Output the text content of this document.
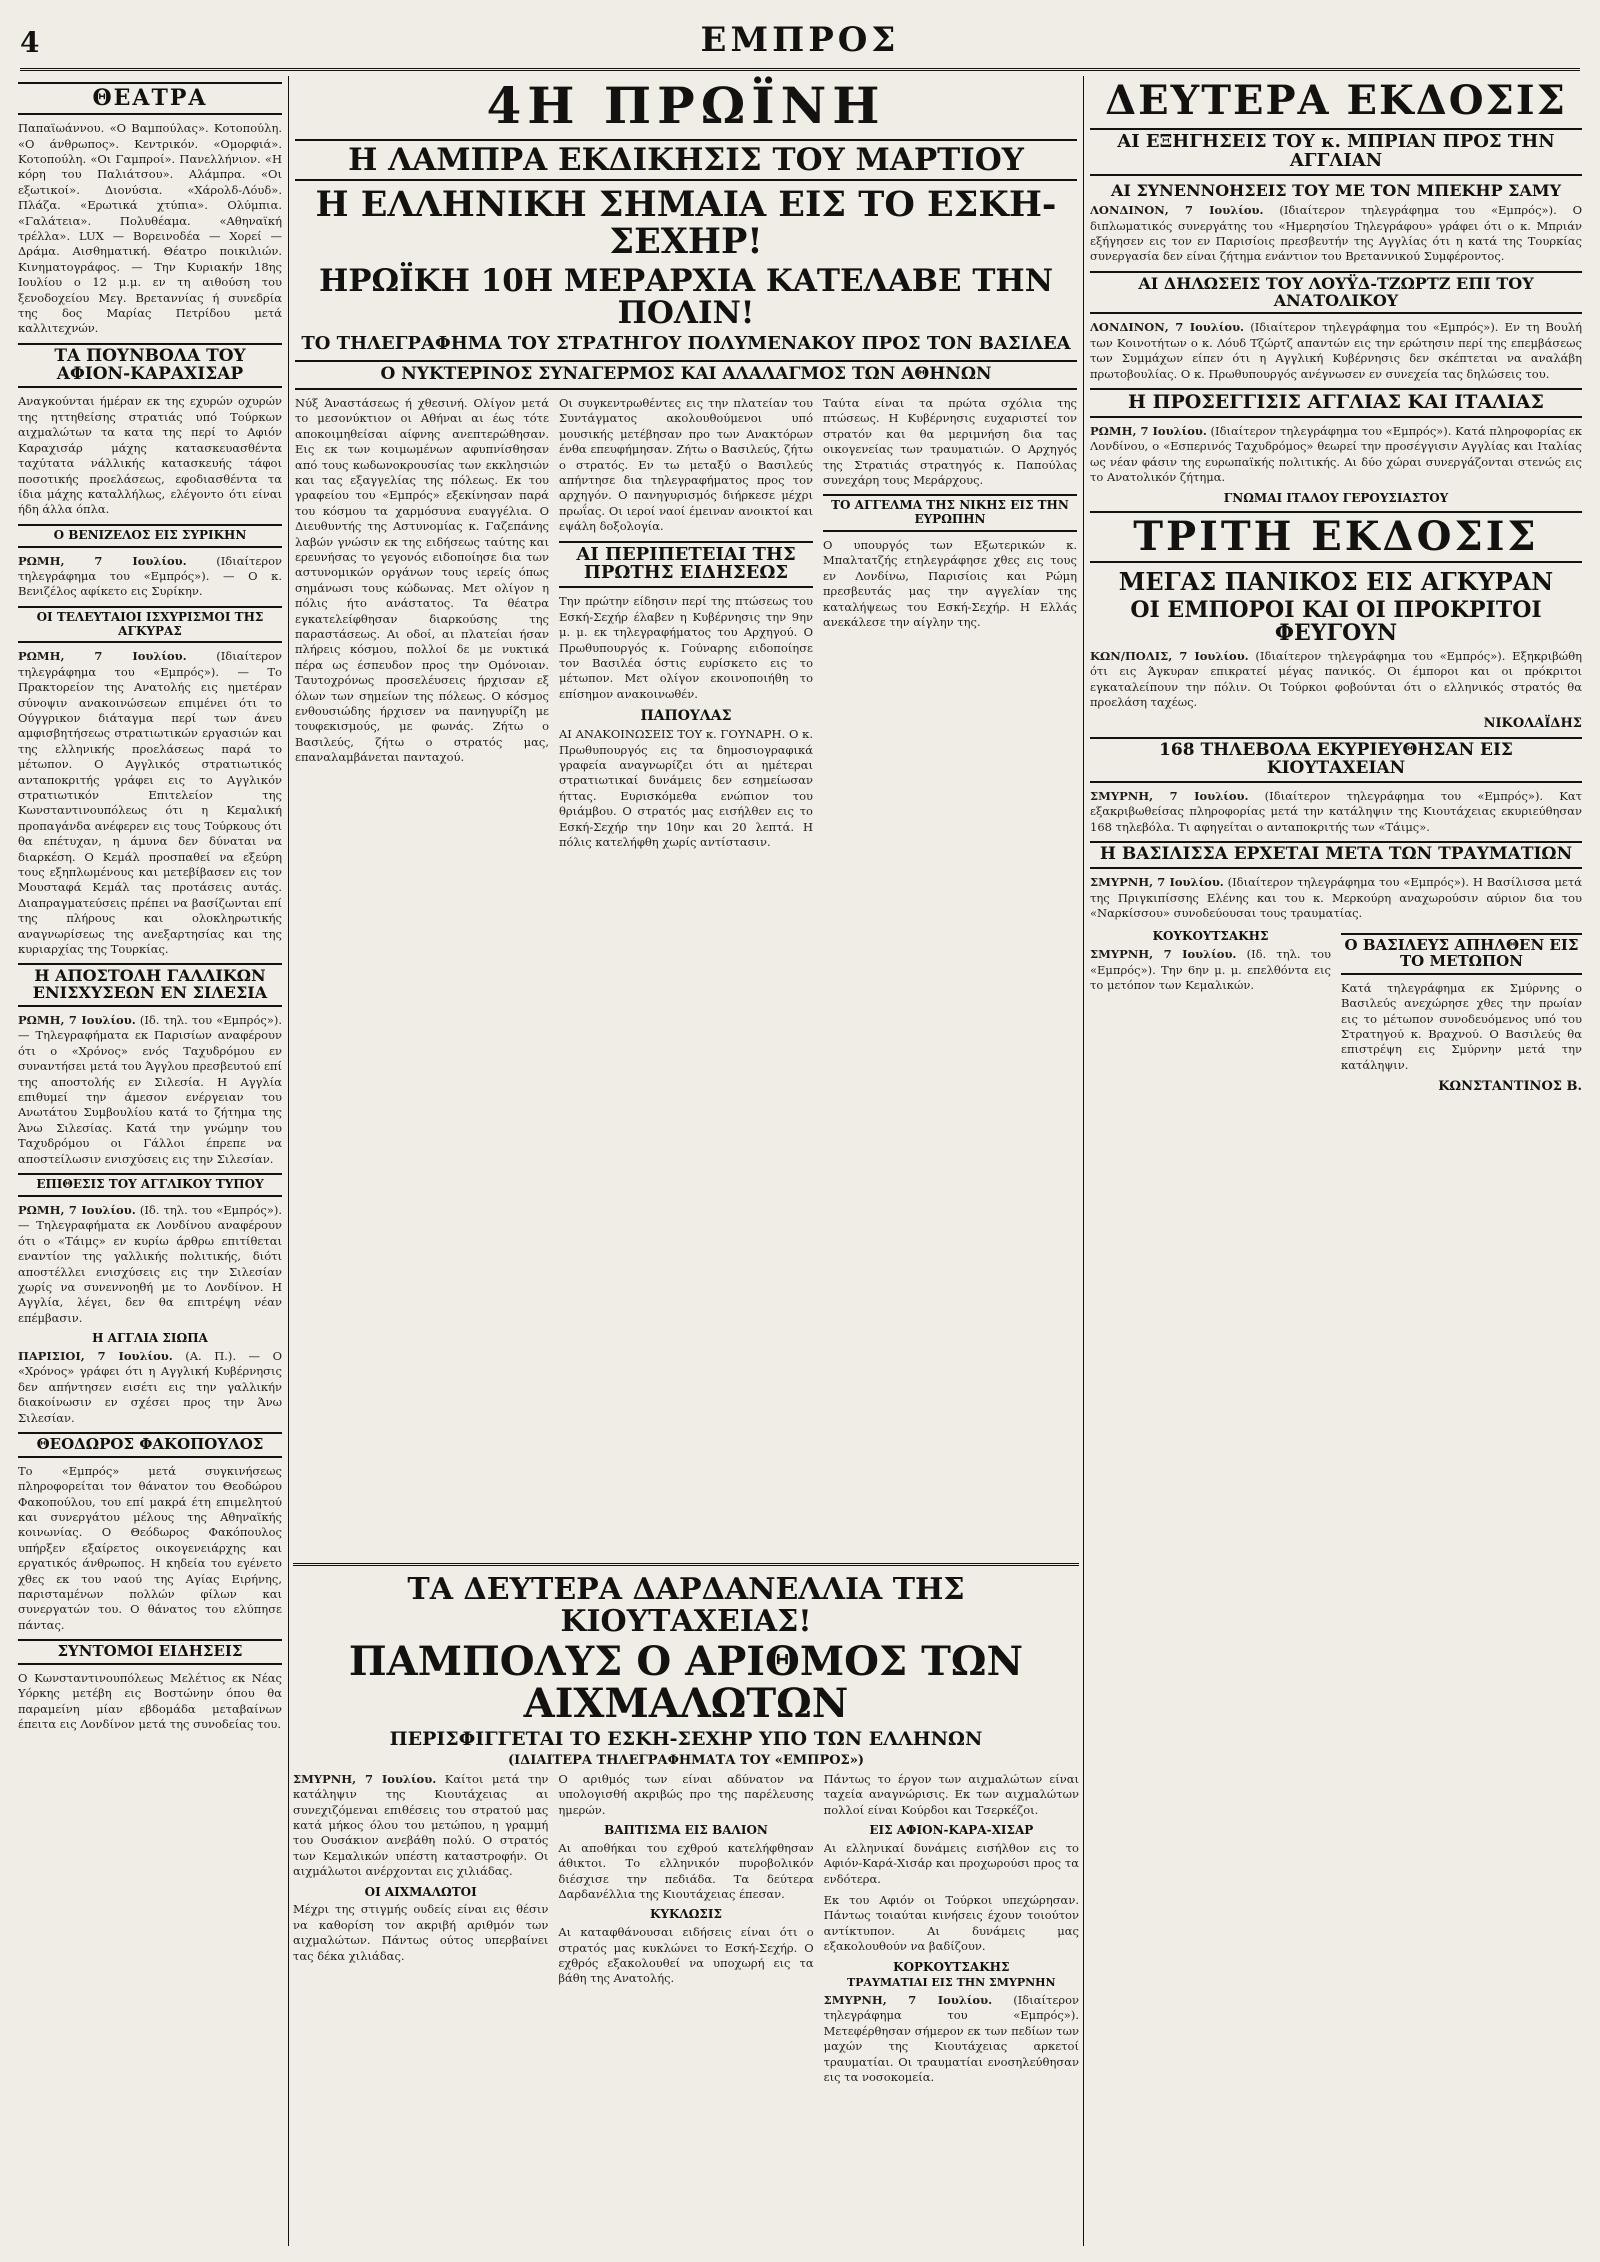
4	ΕΜΠΡΟΣ
ΘΕΑΤΡΑ

Παπαϊωάννου. «Ο Βαμπούλας». Κοτοπούλη. «Ο άνθρωπος». Κεντρικόν. «Ομορφιά». Κοτοπούλη. «Οι Γαμπροί». Πανελλήνιον. «Η κόρη του Παλιάτσου». Αλάμπρα. «Οι εξωτικοί». Διονύσια. «Χάρολδ-Λόυδ». Πλάζα. «Ερωτικά χτύπια». Ολύμπια. «Γαλάτεια». Πολυθέαμα. «Αθηναϊκή τρέλλα». LUX — Βορεινοδέα — Χορεί — Δράμα. Αισθηματική. Θέατρο ποικιλιών. Κινηματογράφος. — Την Κυριακήν 18ης Ιουλίου ο 12 μ.μ. εν τη αιθούση του ξενοδοχείου Μεγ. Βρεταννίας ή συνεδρία της δος Μαρίας Πετρίδου μετά καλλιτεχνών.

ΤΑ ΠΟΥΝΒΟΛΑ ΤΟΥ ΑΦΙΟΝ-ΚΑΡΑΧΙΣΑΡ

Αναγκούνται ήμέραν εκ της εχυρών οχυρών της ηττηθείσης στρατιάς υπό Τούρκων αιχμαλώτων τα κατα της περί το Αφιόν Καραχισάρ μάχης κατασκευασθέντα ταχύτατα νάλλικής κατασκευής τάφοι ποσοτικής προελάσεως, εφοδιασθέντα τα ίδια μάχης καταλλήλως, ελέγοντο ότι είναι ήδη άλλα όπλα.

Ο ΒΕΝΙΖΕΛΟΣ ΕΙΣ ΣΥΡΙΚΗΝ

ΡΩΜΗ, 7 Ιουλίου.	(Ιδιαίτερον τηλεγράφημα του «Εμπρός»). — Ο κ. Βενιζέλος αφίκετο εις Συρίκην.

ΟΙ ΤΕΛΕΥΤΑΙΟΙ ΙΣΧΥΡΙΣΜΟΙ ΤΗΣ ΑΓΚΥΡΑΣ

ΡΩΜΗ, 7 Ιουλίου.	(Ιδιαίτερον τηλεγράφημα του «Εμπρός»). — Το Πρακτορείον της Ανατολής εις ημετέραν σύνοψιν ανακοινώσεων επιμένει ότι το Ούγγρικον διάταγμα περί των άνευ αμφισβητήσεως στρατιωτικών εργασιών και της ελληνικής προελάσεως παρά το μέτωπον. Ο Αγγλικός στρατιωτικός ανταποκριτής γράφει εις το Αγγλικόν στρατιωτικόν Επιτελείον της Κωνσταντινουπόλεως ότι η Κεμαλική προπαγάνδα ανέφερεν εις τους Τούρκους ότι θα επέτυχαν, η άμυνα δεν δύναται να διαρκέση. Ο Κεμάλ προσπαθεί να εξεύρη τους εξηπλωμένους και μετεβίβασεν εις τον Μουσταφά Κεμάλ τας προτάσεις αυτάς. Διαπραγματεύσεις πρέπει να βασίζωνται επί της πλήρους και ολοκληρωτικής αναγνωρίσεως της ανεξαρτησίας και της κυριαρχίας της Τουρκίας.

Η ΑΠΟΣΤΟΛΗ ΓΑΛΛΙΚΩΝ ΕΝΙΣΧΥΣΕΩΝ ΕΝ ΣΙΛΕΣΙΑ

ΡΩΜΗ, 7 Ιουλίου. (Ιδ. τηλ. του «Εμπρός»). — Τηλεγραφήματα εκ Παρισίων αναφέρουν ότι ο «Χρόνος» ενός Ταχυδρόμου εν συναντήσει μετά του Άγγλου πρεσβευτού επί της αποστολής εν Σιλεσία. Η Αγγλία επιθυμεί την άμεσον ενέργειαν του Ανωτάτου Συμβουλίου κατά το ζήτημα της Άνω Σιλεσίας. Κατά την γνώμην του Ταχυδρόμου οι Γάλλοι έπρεπε να αποστείλωσιν ενισχύσεις εις την Σιλεσίαν.

ΕΠΙΘΕΣΙΣ ΤΟΥ ΑΓΓΛΙΚΟΥ ΤΥΠΟΥ

ΡΩΜΗ, 7 Ιουλίου. (Ιδ. τηλ. του «Εμπρός»). — Τηλεγραφήματα εκ Λονδίνου αναφέρουν ότι ο «Τάιμς» εν κυρίω άρθρω επιτίθεται εναντίον της γαλλικής πολιτικής, διότι αποστέλλει ενισχύσεις εις την Σιλεσίαν χωρίς να συνεννοηθή με το Λονδίνον. Η Αγγλία, λέγει, δεν θα επιτρέψη νέαν επέμβασιν.

Η ΑΓΓΛΙΑ ΣΙΩΠΑ

ΠΑΡΙΣΙΟΙ, 7 Ιουλίου. (Α. Π.). — Ο «Χρόνος» γράφει ότι η Αγγλική Κυβέρνησις δεν απήντησεν εισέτι εις την γαλλικήν διακοίνωσιν εν σχέσει προς την Άνω Σιλεσίαν.

ΘΕΟΔΩΡΟΣ ΦΑΚΟΠΟΥΛΟΣ

Το «Εμπρός» μετά συγκινήσεως πληροφορείται τον θάνατον του Θεοδώρου Φακοπούλου, του επί μακρά έτη επιμελητού και συνεργάτου μέλους της Αθηναϊκής κοινωνίας. Ο Θεόδωρος Φακόπουλος υπήρξεν εξαίρετος οικογενειάρχης και εργατικός άνθρωπος. Η κηδεία του εγένετο χθες εκ του ναού της Αγίας Ειρήνης, παρισταμένων πολλών φίλων και συνεργατών του. Ο θάνατος του ελύπησε πάντας.

ΣΥΝΤΟΜΟΙ ΕΙΔΗΣΕΙΣ

Ο Κωνσταντινουπόλεως Μελέτιος εκ Νέας Υόρκης μετέβη εις Βοστώνην όπου θα παραμείνη μίαν εβδομάδα μεταβαίνων έπειτα εις Λονδίνον μετά της συνοδείας του.

4Η ΠΡΩΪΝΗ
Η ΛΑΜΠΡΑ ΕΚΔΙΚΗΣΙΣ ΤΟΥ ΜΑΡΤΙΟΥ
Η ΕΛΛΗΝΙΚΗ ΣΗΜΑΙΑ ΕΙΣ ΤΟ ΕΣΚΗ-ΣΕΧΗΡ!
ΗΡΩΪΚΗ 10Η ΜΕΡΑΡΧΙΑ ΚΑΤΕΛΑΒΕ ΤΗΝ ΠΟΛΙΝ!
ΤΟ ΤΗΛΕΓΡΑΦΗΜΑ ΤΟΥ ΣΤΡΑΤΗΓΟΥ ΠΟΛΥΜΕΝΑΚΟΥ ΠΡΟΣ ΤΟΝ ΒΑΣΙΛΕΑ
Ο ΝΥΚΤΕΡΙΝΟΣ ΣΥΝΑΓΕΡΜΟΣ ΚΑΙ ΑΛΑΛΑΓΜΟΣ ΤΩΝ ΑΘΗΝΩΝ

Νύξ Άναστάσεως ή χθεσινή. Ολίγον μετά το μεσονύκτιον οι Αθήναι αι έως τότε αποκοιμηθείσαι αίφνης ανεπτερώθησαν. Εις εκ των κοιμωμένων αφυπνίσθησαν από τους κωδωνοκρουσίας των εκκλησιών και τας εξαγγελίας της πόλεως. Εκ του γραφείου του «Εμπρός» εξεκίνησαν παρά του κόσμου τα χαρμόσυνα ευαγγέλια. Ο Διευθυντής της Αστυνομίας κ. Γαζεπάνης λαβών γνώσιν εκ της ειδήσεως ταύτης και ερευνήσας το γεγονός ειδοποίησε δια των αστυνομικών οργάνων τους ιερείς όπως σημάνωσι τους κώδωνας. Μετ ολίγον η πόλις ήτο ανάστατος. Τα θέατρα εγκατελείφθησαν διαρκούσης της παραστάσεως. Αι οδοί, αι πλατείαι ήσαν πλήρεις κόσμου, πολλοί δε με νυκτικά πέρα ως έσπευδον προς την Ομόνοιαν. Ταυτοχρόνως προσελέυσεις ήρχισαν εξ όλων των σημείων της πόλεως. Ο κόσμος ενθουσιώδης ήρχισεν να πανηγυρίζη με τουφεκισμούς, με φωνάς. Ζήτω ο Βασιλεύς, ζήτω ο στρατός μας, επαναλαμβάνεται πανταχού.

Οι συγκεντρωθέντες εις την πλατείαν του Συντάγματος ακολουθούμενοι υπό μουσικής μετέβησαν προ των Ανακτόρων ένθα επευφήμησαν. Ζήτω ο Βασιλεύς, ζήτω ο στρατός. Εν τω μεταξύ ο Βασιλεύς απήντησε δια τηλεγραφήματος προς τον αρχηγόν. Ο πανηγυρισμός διήρκεσε μέχρι πρωΐας. Οι ιεροί ναοί έμειναν ανοικτοί και εψάλη δοξολογία.

ΑΙ ΠΕΡΙΠΕΤΕΙΑΙ ΤΗΣ ΠΡΩΤΗΣ ΕΙΔΗΣΕΩΣ

Την πρώτην είδησιν περί της πτώσεως του Εσκή-Σεχήρ έλαβεν η Κυβέρνησις την 9ην μ. μ. εκ τηλεγραφήματος του Αρχηγού. Ο Πρωθυπουργός κ. Γούναρης ειδοποίησε τον Βασιλέα όστις ευρίσκετο εις το μέτωπον. Μετ ολίγον εκοινοποιήθη το επίσημον ανακοινωθέν.

ΠΑΠΟΥΛΑΣ

ΑΙ ΑΝΑΚΟΙΝΩΣΕΙΣ ΤΟΥ κ. ΓΟΥΝΑΡΗ. Ο κ. Πρωθυπουργός εις τα δημοσιογραφικά γραφεία αναγνωρίζει ότι αι ημέτεραι στρατιωτικαί δυνάμεις δεν εσημείωσαν ήττας. Ευρισκόμεθα ενώπιον του θριάμβου. Ο στρατός μας εισήλθεν εις το Εσκή-Σεχήρ την 10ην και 20 λεπτά. Η πόλις κατελήφθη χωρίς αντίστασιν.

Ταύτα είναι τα πρώτα σχόλια της πτώσεως. Η Κυβέρνησις ευχαριστεί τον στρατόν και θα μεριμνήση δια τας οικογενείας των τραυματιών. Ο Αρχηγός της Στρατιάς στρατηγός κ. Παπούλας συνεχάρη τους Μεράρχους.

ΤΟ ΑΓΓΕΛΜΑ ΤΗΣ ΝΙΚΗΣ ΕΙΣ ΤΗΝ ΕΥΡΩΠΗΝ

Ο υπουργός των Εξωτερικών κ. Μπαλτατζής ετηλεγράφησε χθες εις τους εν Λονδίνω, Παρισίοις και Ρώμη πρεσβευτάς μας την αγγελίαν της καταλήψεως του Εσκή-Σεχήρ. Η Ελλάς ανεκάλεσε την αίγλην της.

ΤΑ ΔΕΥΤΕΡΑ ΔΑΡΔΑΝΕΛΛΙΑ ΤΗΣ ΚΙΟΥΤΑΧΕΙΑΣ!
ΠΑΜΠΟΛΥΣ Ο ΑΡΙΘΜΟΣ ΤΩΝ ΑΙΧΜΑΛΩΤΩΝ
ΠΕΡΙΣΦΙΓΓΕΤΑΙ ΤΟ ΕΣΚΗ-ΣΕΧΗΡ ΥΠΟ ΤΩΝ ΕΛΛΗΝΩΝ
(ΙΔΙΑΙΤΕΡΑ ΤΗΛΕΓΡΑΦΗΜΑΤΑ ΤΟΥ «ΕΜΠΡΟΣ»)

ΣΜΥΡΝΗ, 7 Ιουλίου. Καίτοι μετά την κατάληψιν της Κιουτάχειας αι συνεχιζόμεναι επιθέσεις του στρατού μας κατά μήκος όλου του μετώπου, η γραμμή του Ουσάκιον ανεβάθη πολύ. Ο στρατός των Κεμαλικών υπέστη καταστροφήν. Οι αιχμάλωτοι ανέρχονται εις χιλιάδας.

ΟΙ ΑΙΧΜΑΛΩΤΟΙ

Μέχρι της στιγμής ουδείς είναι εις θέσιν να καθορίση τον ακριβή αριθμόν των αιχμαλώτων. Πάντως ούτος υπερβαίνει τας δέκα χιλιάδας.

Ο αριθμός των είναι αδύνατον να υπολογισθή ακριβώς προ της παρέλευσης ημερών.

ΒΑΠΤΙΣΜΑ ΕΙΣ ΒΑΛΙΟΝ

Αι αποθήκαι του εχθρού κατελήφθησαν άθικτοι. Το ελληνικόν πυροβολικόν διέσχισε την πεδιάδα. Τα δεύτερα Δαρδανέλλια της Κιουτάχειας έπεσαν.

ΚΥΚΛΩΣΙΣ

Αι καταφθάνουσαι ειδήσεις είναι ότι ο στρατός μας κυκλώνει το Εσκή-Σεχήρ. Ο εχθρός εξακολουθεί να υποχωρή εις τα βάθη της Ανατολής.

Πάντως το έργον των αιχμαλώτων είναι ταχεία αναγνώρισις. Εκ των αιχμαλώτων πολλοί είναι Κούρδοι και Τσερκέζοι.

ΕΙΣ ΑΦΙΟΝ-ΚΑΡΑ-ΧΙΣΑΡ

Αι ελληνικαί δυνάμεις εισήλθον εις το Αφιόν-Καρά-Χισάρ και προχωρούσι προς τα ενδότερα.

Εκ του Αφιόν οι Τούρκοι υπεχώρησαν. Πάντως τοιαύται κινήσεις έχουν τοιούτον αντίκτυπον. Αι δυνάμεις μας εξακολουθούν να βαδίζουν.

ΚΟΡΚΟΥΤΣΑΚΗΣ
ΤΡΑΥΜΑΤΙΑΙ ΕΙΣ ΤΗΝ ΣΜΥΡΝΗΝ

ΣΜΥΡΝΗ, 7 Ιουλίου. (Ιδιαίτερον τηλεγράφημα του «Εμπρός»). Μετεφέρθησαν σήμερον εκ των πεδίων των μαχών της Κιουτάχειας αρκετοί τραυματίαι. Οι τραυματίαι ενοσηλεύθησαν εις τα νοσοκομεία.

ΔΕΥΤΕΡΑ ΕΚΔΟΣΙΣ
ΑΙ ΕΞΗΓΗΣΕΙΣ ΤΟΥ κ. ΜΠΡΙΑΝ ΠΡΟΣ ΤΗΝ ΑΓΓΛΙΑΝ
ΑΙ ΣΥΝΕΝΝΟΗΣΕΙΣ ΤΟΥ ΜΕ ΤΟΝ ΜΠΕΚΗΡ ΣΑΜΥ

ΛΟΝΔΙΝΟΝ, 7 Ιουλίου. (Ιδιαίτερον τηλεγράφημα του «Εμπρός»). Ο διπλωματικός συνεργάτης του «Ημερησίου Τηλεγράφου» γράφει ότι ο κ. Μπριάν εξήγησεν εις τον εν Παρισίοις πρεσβευτήν της Αγγλίας ότι η κατά της Τουρκίας συνεργασία δεν είναι ζήτημα ενάντιον του Βρεταννικού Συμφέροντος.

ΑΙ ΔΗΛΩΣΕΙΣ ΤΟΥ ΛΟΥΫΔ-ΤΖΩΡΤΖ ΕΠΙ ΤΟΥ ΑΝΑΤΟΛΙΚΟΥ

ΛΟΝΔΙΝΟΝ, 7 Ιουλίου. (Ιδιαίτερον τηλεγράφημα του «Εμπρός»). Εν τη Βουλή των Κοινοτήτων ο κ. Λόυδ Τζώρτζ απαντών εις την ερώτησιν περί της επεμβάσεως των Συμμάχων είπεν ότι η Αγγλική Κυβέρνησις δεν σκέπτεται να αναλάβη πρωτοβουλίας. Ο κ. Πρωθυπουργός ανέγνωσεν εν συνεχεία τας δηλώσεις του.

Η ΠΡΟΣΕΓΓΙΣΙΣ ΑΓΓΛΙΑΣ ΚΑΙ ΙΤΑΛΙΑΣ

ΡΩΜΗ, 7 Ιουλίου. (Ιδιαίτερον τηλεγράφημα του «Εμπρός»). Κατά πληροφορίας εκ Λονδίνου, ο «Εσπερινός Ταχυδρόμος» θεωρεί την προσέγγισιν Αγγλίας και Ιταλίας ως νέαν φάσιν της ευρωπαϊκής πολιτικής. Αι δύο χώραι συνεργάζονται στενώς εις το Ανατολικόν ζήτημα.

ΓΝΩΜΑΙ ΙΤΑΛΟΥ ΓΕΡΟΥΣΙΑΣΤΟΥ
ΤΡΙΤΗ ΕΚΔΟΣΙΣ
ΜΕΓΑΣ ΠΑΝΙΚΟΣ ΕΙΣ ΑΓΚΥΡΑΝ
ΟΙ ΕΜΠΟΡΟΙ ΚΑΙ ΟΙ ΠΡΟΚΡΙΤΟΙ ΦΕΥΓΟΥΝ

ΚΩΝ/ΠΟΛΙΣ, 7 Ιουλίου. (Ιδιαίτερον τηλεγράφημα του «Εμπρός»). Εξηκριβώθη ότι εις Άγκυραν επικρατεί μέγας πανικός. Οι έμποροι και οι πρόκριτοι εγκαταλείπουν την πόλιν. Οι Τούρκοι φοβούνται ότι ο ελληνικός στρατός θα προελάση ταχέως.

ΝΙΚΟΛΑΪΔΗΣ
168 ΤΗΛΕΒΟΛΑ ΕΚΥΡΙΕΥΘΗΣΑΝ ΕΙΣ ΚΙΟΥΤΑΧΕΙΑΝ

ΣΜΥΡΝΗ, 7 Ιουλίου. (Ιδιαίτερον τηλεγράφημα του «Εμπρός»). Κατ εξακριβωθείσας πληροφορίας μετά την κατάληψιν της Κιουτάχειας εκυριεύθησαν 168 τηλεβόλα. Τι αφηγείται ο ανταποκριτής των «Τάιμς».

Η ΒΑΣΙΛΙΣΣΑ ΕΡΧΕΤΑΙ ΜΕΤΑ ΤΩΝ ΤΡΑΥΜΑΤΙΩΝ

ΣΜΥΡΝΗ, 7 Ιουλίου. (Ιδιαίτερον τηλεγράφημα του «Εμπρός»). Η Βασίλισσα μετά της Πριγκιπίσσης Ελένης και του κ. Μερκούρη αναχωρούσιν αύριον δια του «Ναρκίσσου» συνοδεύουσαι τους τραυματίας.

ΚΟΥΚΟΥΤΣΑΚΗΣ

ΣΜΥΡΝΗ, 7 Ιουλίου. (Ιδ. τηλ. του «Εμπρός»). Την 6ην μ. μ. επελθόντα εις το μετόπον των Κεμαλικών.

Ο ΒΑΣΙΛΕΥΣ ΑΠΗΛΘΕΝ ΕΙΣ ΤΟ ΜΕΤΩΠΟΝ

Κατά τηλεγράφημα εκ Σμύρνης ο Βασιλεύς ανεχώρησε χθες την πρωίαν εις το μέτωπον συνοδευόμενος υπό του Στρατηγού κ. Βραχνού. Ο Βασιλεύς θα επιστρέψη εις Σμύρνην μετά την κατάληψιν.

ΚΩΝΣΤΑΝΤΙΝΟΣ Β.
